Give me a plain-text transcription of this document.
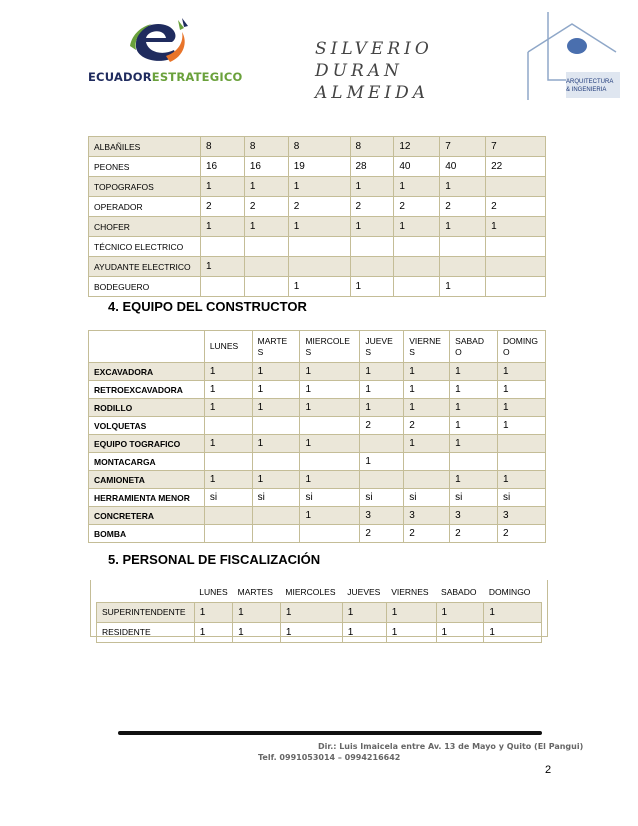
ECUADORESTRATEGICO
SILVERIO DURAN
ALMEIDA
ARQUITECTURA
& INGENIERIA
ALBAÑILES	8	8	8	8	12	7	7
PEONES	16	16	19	28	40	40	22
TOPOGRAFOS	1	1	1	1	1	1	
OPERADOR	2	2	2	2	2	2	2
CHOFER	1	1	1	1	1	1	1
TÉCNICO ELECTRICO							
AYUDANTE ELECTRICO	1						
BODEGUERO			1	1		1	
4. EQUIPO DEL CONSTRUCTOR
	LUNES	MARTE S	MIERCOLE S	JUEVE S	VIERNE S	SABAD O	DOMING O
EXCAVADORA	1	1	1	1	1	1	1
RETROEXCAVADORA	1	1	1	1	1	1	1
RODILLO	1	1	1	1	1	1	1
VOLQUETAS				2	2	1	1
EQUIPO TOGRAFICO	1	1	1		1	1	
MONTACARGA				1			
CAMIONETA	1	1	1			1	1
HERRAMIENTA MENOR	si	si	si	si	si	si	si
CONCRETERA			1	3	3	3	3
BOMBA				2	2	2	2
5. PERSONAL DE FISCALIZACIÓN
	LUNES	MARTES	MIERCOLES	JUEVES	VIERNES	SABADO	DOMINGO
SUPERINTENDENTE	1	1	1	1	1	1	1
RESIDENTE	1	1	1	1	1	1	1
Dir.: Luis Imaicela entre Av. 13 de Mayo y Quito (El Pangui)
Telf. 0991053014 – 0994216642
2
